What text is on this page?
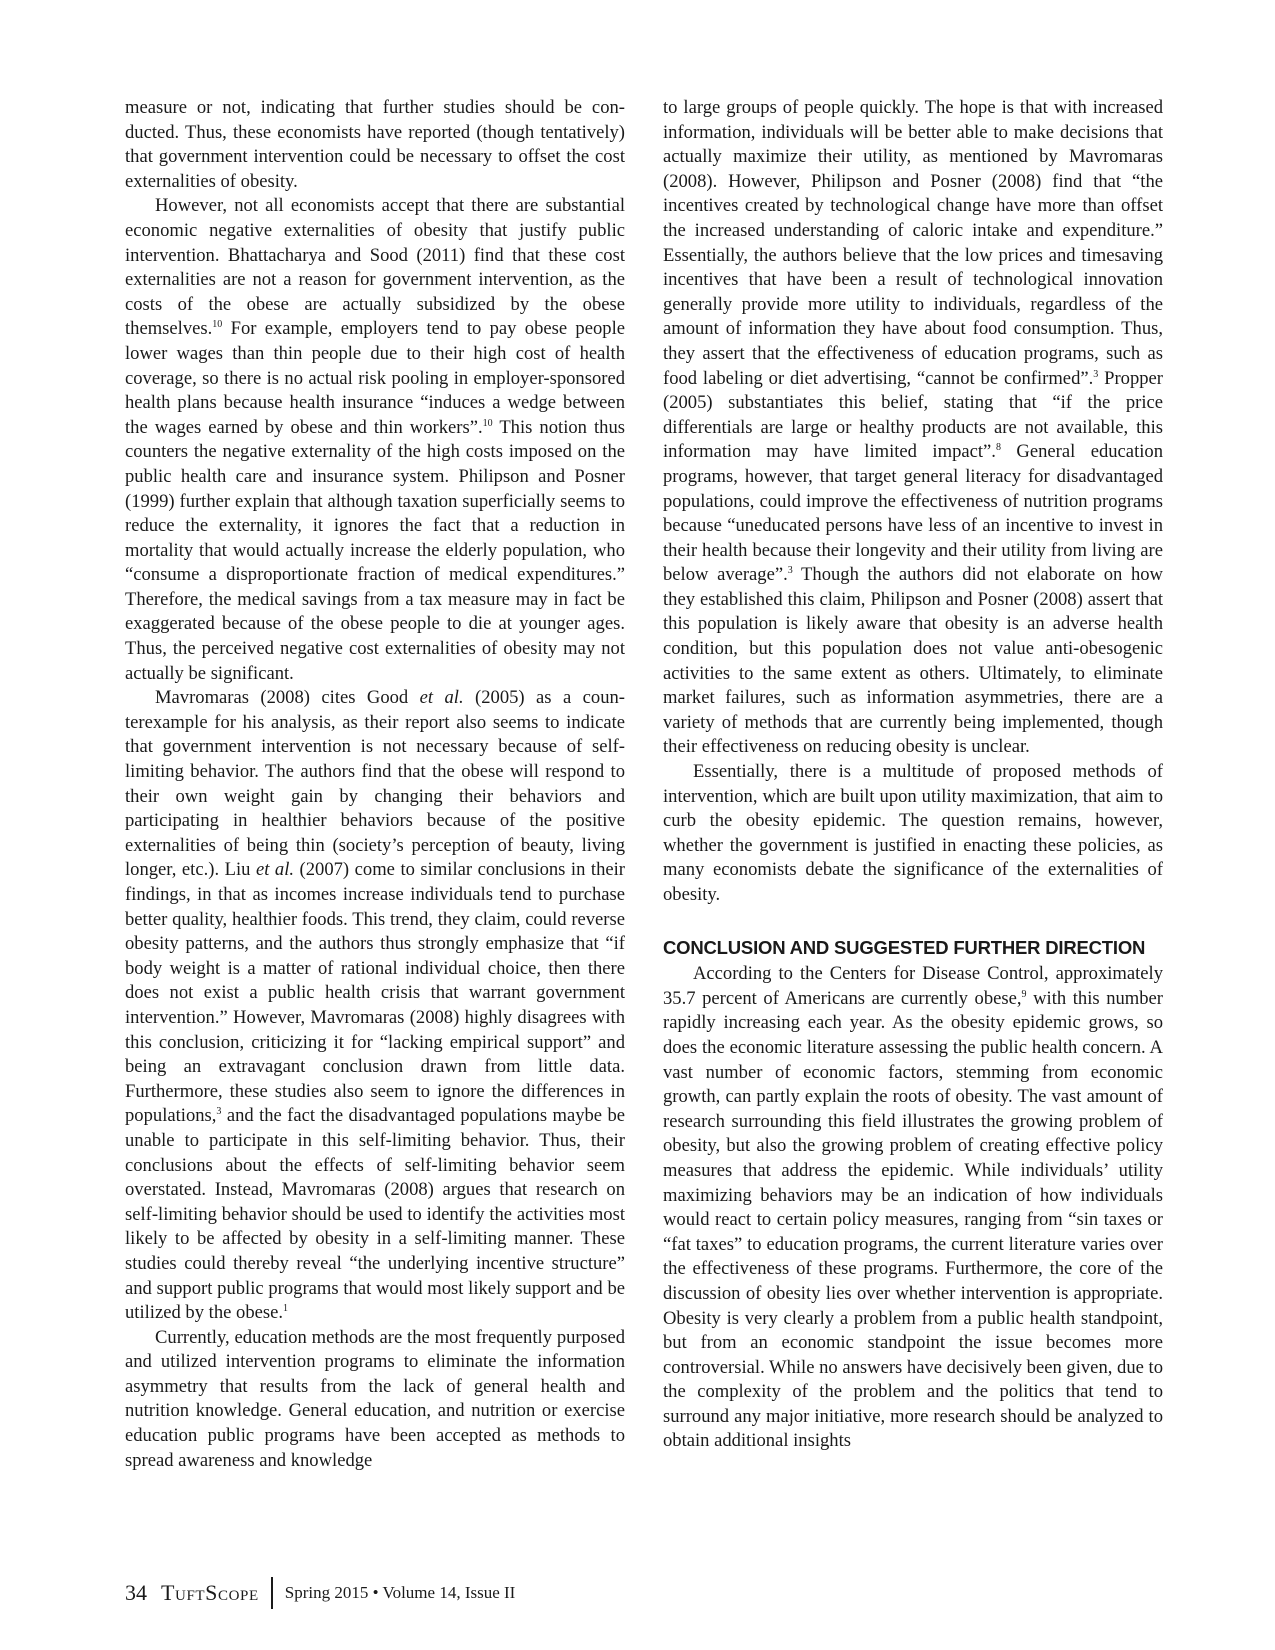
measure or not, indicating that further studies should be conducted. Thus, these economists have reported (though tentatively) that government intervention could be necessary to offset the cost externalities of obesity.

However, not all economists accept that there are substantial economic negative externalities of obesity that justify public intervention. Bhattacharya and Sood (2011) find that these cost externalities are not a reason for government intervention, as the costs of the obese are actually subsidized by the obese themselves.$^{10}$ For example, employers tend to pay obese people lower wages than thin people due to their high cost of health coverage, so there is no actual risk pooling in employer-sponsored health plans because health insurance “induces a wedge between the wages earned by obese and thin workers”.$^{10}$ This notion thus counters the negative externality of the high costs imposed on the public health care and insurance system. Philipson and Posner (1999) further explain that although taxation superficially seems to reduce the externality, it ignores the fact that a reduction in mortality that would actually increase the elderly population, who “consume a disproportionate fraction of medical expenditures.” Therefore, the medical savings from a tax measure may in fact be exaggerated because of the obese people to die at younger ages. Thus, the perceived negative cost externalities of obesity may not actually be significant.

Mavromaras (2008) cites Good et al. (2005) as a counterexample for his analysis, as their report also seems to indicate that government intervention is not necessary because of self-limiting behavior. The authors find that the obese will respond to their own weight gain by changing their behaviors and participating in healthier behaviors because of the positive externalities of being thin (society’s perception of beauty, living longer, etc.). Liu et al. (2007) come to similar conclusions in their findings, in that as incomes increase individuals tend to purchase better quality, healthier foods. This trend, they claim, could reverse obesity patterns, and the authors thus strongly emphasize that “if body weight is a matter of rational individual choice, then there does not exist a public health crisis that warrant government intervention.” However, Mavromaras (2008) highly disagrees with this conclusion, criticizing it for “lacking empirical support” and being an extravagant conclusion drawn from little data. Furthermore, these studies also seem to ignore the differences in populations,$^3$ and the fact the disadvantaged populations maybe be unable to participate in this self-limiting behavior. Thus, their conclusions about the effects of self-limiting behavior seem overstated. Instead, Mavromaras (2008) argues that research on self-limiting behavior should be used to identify the activities most likely to be affected by obesity in a self-limiting manner. These studies could thereby reveal “the underlying incentive structure” and support public programs that would most likely support and be utilized by the obese.$^1$

Currently, education methods are the most frequently purposed and utilized intervention programs to eliminate the information asymmetry that results from the lack of general health and nutrition knowledge. General education, and nutrition or exercise education public programs have been accepted as methods to spread awareness and knowledge

to large groups of people quickly. The hope is that with increased information, individuals will be better able to make decisions that actually maximize their utility, as mentioned by Mavromaras (2008). However, Philipson and Posner (2008) find that “the incentives created by technological change have more than offset the increased understanding of caloric intake and expenditure.” Essentially, the authors believe that the low prices and timesaving incentives that have been a result of technological innovation generally provide more utility to individuals, regardless of the amount of information they have about food consumption. Thus, they assert that the effectiveness of education programs, such as food labeling or diet advertising, “cannot be confirmed”.$^3$ Propper (2005) substantiates this belief, stating that “if the price differentials are large or healthy products are not available, this information may have limited impact”.$^8$ General education programs, however, that target general literacy for disadvantaged populations, could improve the effectiveness of nutrition programs because “uneducated persons have less of an incentive to invest in their health because their longevity and their utility from living are below average”.$^3$ Though the authors did not elaborate on how they established this claim, Philipson and Posner (2008) assert that this population is likely aware that obesity is an adverse health condition, but this population does not value anti-obesogenic activities to the same extent as others. Ultimately, to eliminate market failures, such as information asymmetries, there are a variety of methods that are currently being implemented, though their effectiveness on reducing obesity is unclear.

Essentially, there is a multitude of proposed methods of intervention, which are built upon utility maximization, that aim to curb the obesity epidemic. The question remains, however, whether the government is justified in enacting these policies, as many economists debate the significance of the externalities of obesity.

CONCLUSION AND SUGGESTED FURTHER DIRECTION

According to the Centers for Disease Control, approximately 35.7 percent of Americans are currently obese,$^9$ with this number rapidly increasing each year. As the obesity epidemic grows, so does the economic literature assessing the public health concern. A vast number of economic factors, stemming from economic growth, can partly explain the roots of obesity. The vast amount of research surrounding this field illustrates the growing problem of obesity, but also the growing problem of creating effective policy measures that address the epidemic. While individuals’ utility maximizing behaviors may be an indication of how individuals would react to certain policy measures, ranging from “sin taxes or “fat taxes” to education programs, the current literature varies over the effectiveness of these programs. Furthermore, the core of the discussion of obesity lies over whether intervention is appropriate. Obesity is very clearly a problem from a public health standpoint, but from an economic standpoint the issue becomes more controversial. While no answers have decisively been given, due to the complexity of the problem and the politics that tend to surround any major initiative, more research should be analyzed to obtain additional insights

34 TuftScope Spring 2015 • Volume 14, Issue II
